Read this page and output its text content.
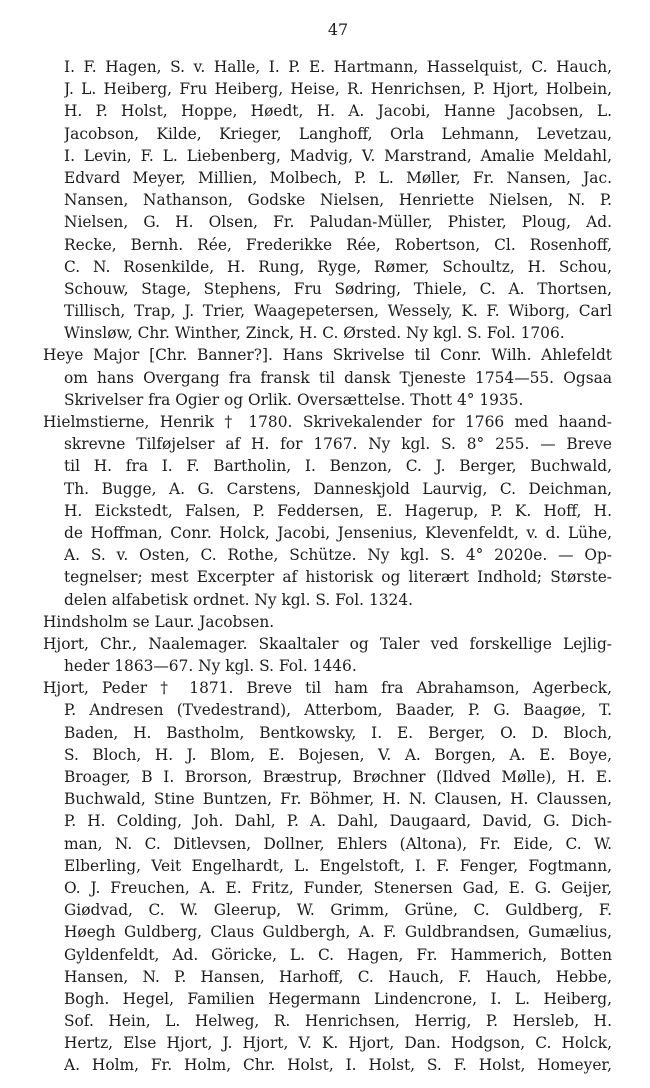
47
I. F. Hagen, S. v. Halle, I. P. E. Hartmann, Hasselquist, C. Hauch,
J. L. Heiberg, Fru Heiberg, Heise, R. Henrichsen, P. Hjort, Holbein,
H. P. Holst, Hoppe, Høedt, H. A. Jacobi, Hanne Jacobsen, L.
Jacobson, Kilde, Krieger, Langhoff, Orla Lehmann, Levetzau,
I. Levin, F. L. Liebenberg, Madvig, V. Marstrand, Amalie Meldahl,
Edvard Meyer, Millien, Molbech, P. L. Møller, Fr. Nansen, Jac.
Nansen, Nathanson, Godske Nielsen, Henriette Nielsen, N. P.
Nielsen, G. H. Olsen, Fr. Paludan-Müller, Phister, Ploug, Ad.
Recke, Bernh. Rée, Frederikke Rée, Robertson, Cl. Rosenhoff,
C. N. Rosenkilde, H. Rung, Ryge, Rømer, Schoultz, H. Schou,
Schouw, Stage, Stephens, Fru Sødring, Thiele, C. A. Thortsen,
Tillisch, Trap, J. Trier, Waagepetersen, Wessely, K. F. Wiborg, Carl
Winsløw, Chr. Winther, Zinck, H. C. Ørsted. Ny kgl. S. Fol. 1706.
Heye Major [Chr. Banner?]. Hans Skrivelse til Conr. Wilh. Ahlefeldt
om hans Overgang fra fransk til dansk Tjeneste 1754—55. Ogsaa
Skrivelser fra Ogier og Orlik. Oversættelse. Thott 4° 1935.
Hielmstierne, Henrik † 1780. Skrivekalender for 1766 med haand-
skrevne Tilføjelser af H. for 1767. Ny kgl. S. 8° 255. — Breve
til H. fra I. F. Bartholin, I. Benzon, C. J. Berger, Buchwald,
Th. Bugge, A. G. Carstens, Danneskjold Laurvig, C. Deichman,
H. Eickstedt, Falsen, P. Feddersen, E. Hagerup, P. K. Hoff, H.
de Hoffman, Conr. Holck, Jacobi, Jensenius, Klevenfeldt, v. d. Lühe,
A. S. v. Osten, C. Rothe, Schütze. Ny kgl. S. 4° 2020e. — Op-
tegnelser; mest Excerpter af historisk og literært Indhold; Største-
delen alfabetisk ordnet. Ny kgl. S. Fol. 1324.
Hindsholm se Laur. Jacobsen.
Hjort, Chr., Naalemager. Skaaltaler og Taler ved forskellige Lejlig-
heder 1863—67. Ny kgl. S. Fol. 1446.
Hjort, Peder † 1871. Breve til ham fra Abrahamson, Agerbeck,
P. Andresen (Tvedestrand), Atterbom, Baader, P. G. Baagøe, T.
Baden, H. Bastholm, Bentkowsky, I. E. Berger, O. D. Bloch,
S. Bloch, H. J. Blom, E. Bojesen, V. A. Borgen, A. E. Boye,
Broager, B I. Brorson, Bræstrup, Brøchner (Ildved Mølle), H. E.
Buchwald, Stine Buntzen, Fr. Böhmer, H. N. Clausen, H. Claussen,
P. H. Colding, Joh. Dahl, P. A. Dahl, Daugaard, David, G. Dich-
man, N. C. Ditlevsen, Dollner, Ehlers (Altona), Fr. Eide, C. W.
Elberling, Veit Engelhardt, L. Engelstoft, I. F. Fenger, Fogtmann,
O. J. Freuchen, A. E. Fritz, Funder, Stenersen Gad, E. G. Geijer,
Giødvad, C. W. Gleerup, W. Grimm, Grüne, C. Guldberg, F.
Høegh Guldberg, Claus Guldbergh, A. F. Guldbrandsen, Gumælius,
Gyldenfeldt, Ad. Göricke, L. C. Hagen, Fr. Hammerich, Botten
Hansen, N. P. Hansen, Harhoff, C. Hauch, F. Hauch, Hebbe,
Bogh. Hegel, Familien Hegermann Lindencrone, I. L. Heiberg,
Sof. Hein, L. Helweg, R. Henrichsen, Herrig, P. Hersleb, H.
Hertz, Else Hjort, J. Hjort, V. K. Hjort, Dan. Hodgson, C. Holck,
A. Holm, Fr. Holm, Chr. Holst, I. Holst, S. F. Holst, Homeyer,
